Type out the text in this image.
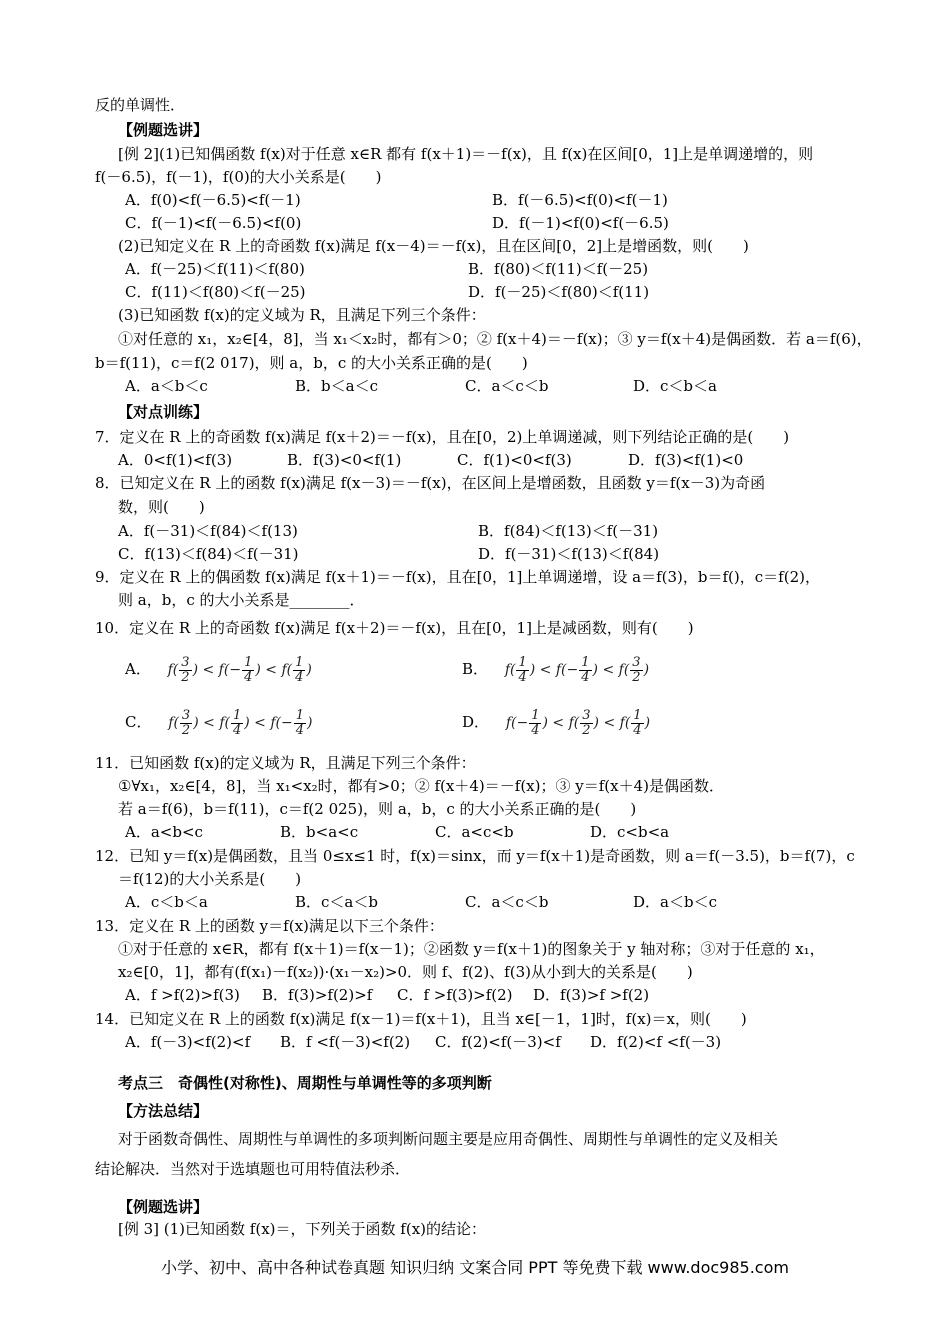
反的单调性．
【例题选讲】
[例 2](1)已知偶函数 f(x)对于任意 x∈R 都有 f(x＋1)＝－f(x)，且 f(x)在区间[0，1]上是单调递增的，则
f(－6.5)，f(－1)，f(0)的大小关系是(　　)
A．f(0)<f(－6.5)<f(－1)	B．f(－6.5)<f(0)<f(－1)
C．f(－1)<f(－6.5)<f(0)	D．f(－1)<f(0)<f(－6.5)
(2)已知定义在 R 上的奇函数 f(x)满足 f(x－4)＝－f(x)，且在区间[0，2]上是增函数，则(　　)
A．f(－25)＜f(11)＜f(80)	B．f(80)＜f(11)＜f(－25)
C．f(11)＜f(80)＜f(－25)	D．f(－25)＜f(80)＜f(11)
(3)已知函数 f(x)的定义域为 R，且满足下列三个条件：
①对任意的 x₁，x₂∈[4，8]，当 x₁＜x₂时，都有＞0；② f(x＋4)＝－f(x)；③ y＝f(x＋4)是偶函数．若 a＝f(6)，
b＝f(11)，c＝f(2 017)，则 a，b，c 的大小关系正确的是(　　)
A．a＜b＜c	B．b＜a＜c	C．a＜c＜b	D．c＜b＜a
【对点训练】
7．定义在 R 上的奇函数 f(x)满足 f(x＋2)＝－f(x)，且在[0，2)上单调递减，则下列结论正确的是(　　)
A．0<f(1)<f(3)	B．f(3)<0<f(1)	C．f(1)<0<f(3)	D．f(3)<f(1)<0
8．已知定义在 R 上的函数 f(x)满足 f(x－3)＝－f(x)，在区间上是增函数，且函数 y＝f(x－3)为奇函
数，则(　　)
A．f(－31)＜f(84)＜f(13)	B．f(84)＜f(13)＜f(－31)
C．f(13)＜f(84)＜f(－31)	D．f(－31)＜f(13)＜f(84)
9．定义在 R 上的偶函数 f(x)满足 f(x＋1)＝－f(x)，且在[0，1]上单调递增，设 a＝f(3)，b＝f()，c＝f(2)，
则 a，b，c 的大小关系是________．
10．定义在 R 上的奇函数 f(x)满足 f(x＋2)＝－f(x)，且在[0，1]上是减函数，则有(　　)
A． $f( \frac{3}{2}$ ) < $f(- \frac{1}{4}$ ) < $f( \frac{1}{4}$ )	B． $f( \frac{1}{4}$ ) < $f(- \frac{1}{4}$ ) < $f( \frac{3}{2}$ )
C． $f( \frac{3}{2}$ ) < $f( \frac{1}{4}$ ) < $f(- \frac{1}{4}$ )	D． $f(- \frac{1}{4}$ ) < $f( \frac{3}{2}$ ) < $f( \frac{1}{4}$ )
11．已知函数 f(x)的定义域为 R，且满足下列三个条件：
①∀x₁，x₂∈[4，8]，当 x₁<x₂时，都有>0；② f(x＋4)＝－f(x)；③ y＝f(x＋4)是偶函数．
若 a＝f(6)，b＝f(11)，c＝f(2 025)，则 a，b，c 的大小关系正确的是(　　)
A．a<b<c	B．b<a<c	C．a<c<b	D．c<b<a
12．已知 y＝f(x)是偶函数，且当 0≤x≤1 时，f(x)＝sinx，而 y＝f(x＋1)是奇函数，则 a＝f(－3.5)，b＝f(7)，c
＝f(12)的大小关系是(　　)
A．c＜b＜a	B．c＜a＜b	C．a＜c＜b	D．a＜b＜c
13．定义在 R 上的函数 y＝f(x)满足以下三个条件：
①对于任意的 x∈R，都有 f(x＋1)＝f(x－1)；②函数 y＝f(x＋1)的图象关于 y 轴对称；③对于任意的 x₁，
x₂∈[0，1]，都有(f(x₁)－f(x₂))·(x₁－x₂)>0．则 f、f(2)、f(3)从小到大的关系是(　　)
A．f >f(2)>f(3) B．f(3)>f(2)>f C．f >f(3)>f(2) D．f(3)>f >f(2)
14．已知定义在 R 上的函数 f(x)满足 f(x－1)＝f(x＋1)，且当 x∈[－1，1]时，f(x)＝x，则(　　)
A．f(－3)<f(2)<f B．f <f(－3)<f(2) C．f(2)<f(－3)<f D．f(2)<f <f(－3)
考点三　奇偶性(对称性)、周期性与单调性等的多项判断
【方法总结】
对于函数奇偶性、周期性与单调性的多项判断问题主要是应用奇偶性、周期性与单调性的定义及相关
结论解决．当然对于选填题也可用特值法秒杀．
【例题选讲】
[例 3] (1)已知函数 f(x)＝，下列关于函数 f(x)的结论：
小学、初中、高中各种试卷真题 知识归纳 文案合同 PPT 等免费下载 www.doc985.com
